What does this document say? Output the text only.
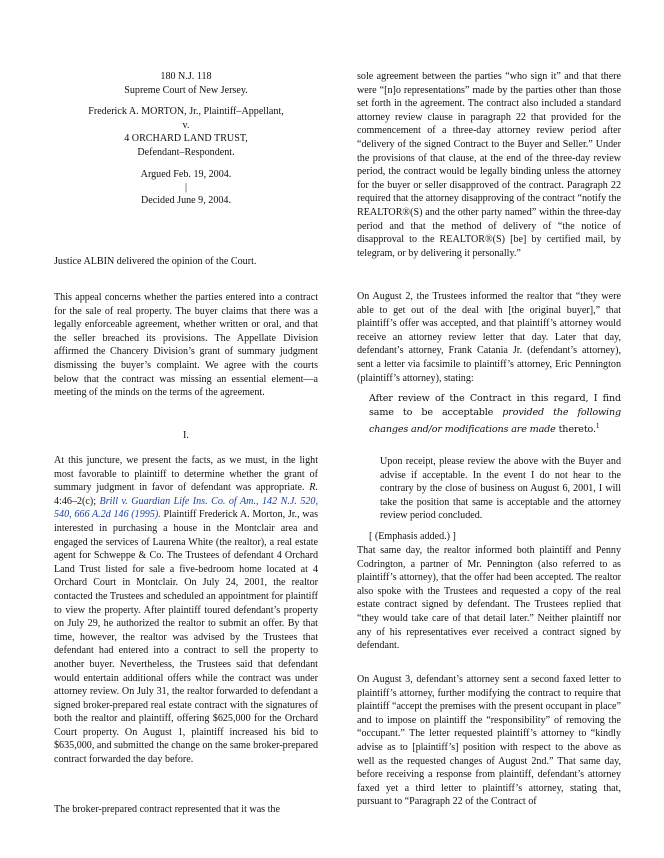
180 N.J. 118

Supreme Court of New Jersey.

Frederick A. MORTON, Jr., Plaintiff–Appellant,

v.

4 ORCHARD LAND TRUST,

Defendant–Respondent.

Argued Feb. 19, 2004.

|

Decided June 9, 2004.

Justice ALBIN delivered the opinion of the Court.

This appeal concerns whether the parties entered into a contract for the sale of real property. The buyer claims that there was a legally enforceable agreement, whether written or oral, and that the seller breached its provisions. The Appellate Division affirmed the Chancery Division’s grant of summary judgment dismissing the buyer’s complaint. We agree with the courts below that the contract was missing an essential element—a meeting of the minds on the terms of the agreement.

I.

At this juncture, we present the facts, as we must, in the light most favorable to plaintiff to determine whether the grant of summary judgment in favor of defendant was appropriate. R. 4:46–2(c); Brill v. Guardian Life Ins. Co. of Am., 142 N.J. 520, 540, 666 A.2d 146 (1995). Plaintiff Frederick A. Morton, Jr., was interested in purchasing a house in the Montclair area and engaged the services of Laurena White (the realtor), a real estate agent for Schweppe & Co. The Trustees of defendant 4 Orchard Land Trust listed for sale a five-bedroom home located at 4 Orchard Court in Montclair. On July 24, 2001, the realtor contacted the Trustees and scheduled an appointment for plaintiff to view the property. After plaintiff toured defendant’s property on July 29, he authorized the realtor to submit an offer. By that time, however, the realtor was advised by the Trustees that defendant had entered into a contract to sell the property to another buyer. Nevertheless, the Trustees said that defendant would entertain additional offers while the contract was under attorney review. On July 31, the realtor forwarded to defendant a signed broker-prepared real estate contract with the signatures of both the realtor and plaintiff, offering $625,000 for the Orchard Court property. On August 1, plaintiff increased his bid to $635,000, and submitted the change on the same broker-prepared contract forwarded the day before.

The broker-prepared contract represented that it was the

sole agreement between the parties “who sign it” and that there were “[n]o representations” made by the parties other than those set forth in the agreement. The contract also included a standard attorney review clause in paragraph 22 that provided for the commencement of a three-day attorney review period after “delivery of the signed Contract to the Buyer and Seller.” Under the provisions of that clause, at the end of the three-day review period, the contract would be legally binding unless the attorney for the buyer or seller disapproved of the contract. Paragraph 22 required that the attorney disapproving of the contract “notify the REALTOR®(S) and the other party named” within the three-day period and that the method of delivery of “the notice of disapproval to the REALTOR®(S) [be] by certified mail, by telegram, or by delivering it personally.”

On August 2, the Trustees informed the realtor that “they were able to get out of the deal with [the original buyer],” that plaintiff’s offer was accepted, and that plaintiff’s attorney would receive an attorney review letter that day. Later that day, defendant’s attorney, Frank Catania Jr. (defendant’s attorney), sent a letter via facsimile to plaintiff’s attorney, Eric Pennington (plaintiff’s attorney), stating:

After review of the Contract in this regard, I find same to be acceptable provided the following changes and/or modifications are made thereto.$^1$

Upon receipt, please review the above with the Buyer and advise if acceptable. In the event I do not hear to the contrary by the close of business on August 6, 2001, I will take the position that same is acceptable and the attorney review period concluded.

[ (Emphasis added.) ]

That same day, the realtor informed both plaintiff and Penny Codrington, a partner of Mr. Pennington (also referred to as plaintiff’s attorney), that the offer had been accepted. The realtor also spoke with the Trustees and requested a copy of the real estate contract signed by defendant. The Trustees replied that “they would take care of that detail later.” Neither plaintiff nor any of his representatives ever received a contract signed by defendant.

On August 3, defendant’s attorney sent a second faxed letter to plaintiff’s attorney, further modifying the contract to require that plaintiff “accept the premises with the present occupant in place” and to impose on plaintiff the “responsibility” of removing the “occupant.” The letter requested plaintiff’s attorney to “kindly advise as to [plaintiff’s] position with respect to the above as well as the requested changes of August 2nd.” That same day, before receiving a response from plaintiff, defendant’s attorney faxed yet a third letter to plaintiff’s attorney, stating that, pursuant to “Paragraph 22 of the Contract of
